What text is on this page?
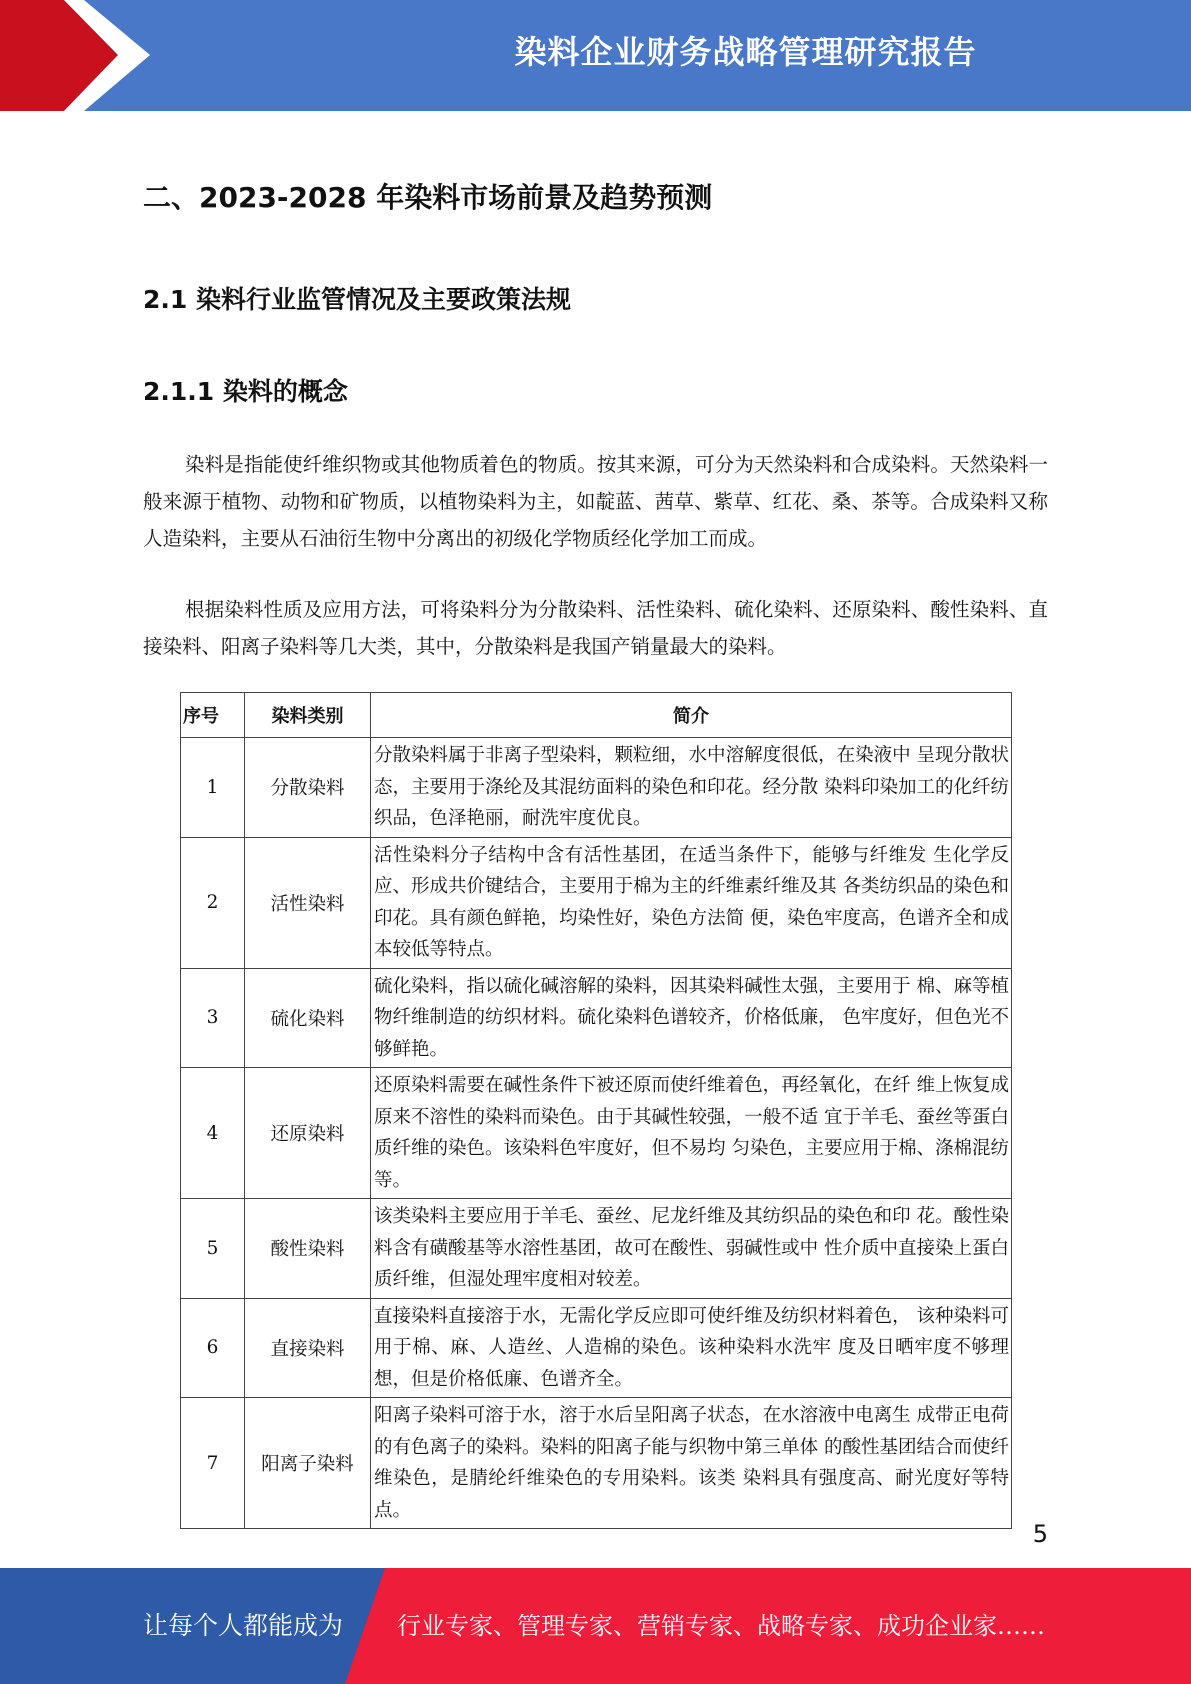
染料企业财务战略管理研究报告
二、2023-2028 年染料市场前景及趋势预测
2.1 染料行业监管情况及主要政策法规
2.1.1 染料的概念
染料是指能使纤维织物或其他物质着色的物质。按其来源，可分为天然染料和合成染料。天然染料一般来源于植物、动物和矿物质，以植物染料为主，如靛蓝、茜草、紫草、红花、桑、茶等。合成染料又称人造染料，主要从石油衍生物中分离出的初级化学物质经化学加工而成。
根据染料性质及应用方法，可将染料分为分散染料、活性染料、硫化染料、还原染料、酸性染料、直接染料、阳离子染料等几大类，其中，分散染料是我国产销量最大的染料。
序号	染料类别	简介
1	分散染料	分散染料属于非离子型染料，颗粒细，水中溶解度很低，在染液中 呈现分散状态，主要用于涤纶及其混纺面料的染色和印花。经分散 染料印染加工的化纤纺织品，色泽艳丽，耐洗牢度优良。
2	活性染料	活性染料分子结构中含有活性基团，在适当条件下，能够与纤维发 生化学反应、形成共价键结合，主要用于棉为主的纤维素纤维及其 各类纺织品的染色和印花。具有颜色鲜艳，均染性好，染色方法简 便，染色牢度高，色谱齐全和成本较低等特点。
3	硫化染料	硫化染料，指以硫化碱溶解的染料，因其染料碱性太强，主要用于 棉、麻等植物纤维制造的纺织材料。硫化染料色谱较齐，价格低廉， 色牢度好，但色光不够鲜艳。
4	还原染料	还原染料需要在碱性条件下被还原而使纤维着色，再经氧化，在纤 维上恢复成原来不溶性的染料而染色。由于其碱性较强，一般不适 宜于羊毛、蚕丝等蛋白质纤维的染色。该染料色牢度好，但不易均 匀染色，主要应用于棉、涤棉混纺等。
5	酸性染料	该类染料主要应用于羊毛、蚕丝、尼龙纤维及其纺织品的染色和印 花。酸性染料含有磺酸基等水溶性基团，故可在酸性、弱碱性或中 性介质中直接染上蛋白质纤维，但湿处理牢度相对较差。
6	直接染料	直接染料直接溶于水，无需化学反应即可使纤维及纺织材料着色， 该种染料可用于棉、麻、人造丝、人造棉的染色。该种染料水洗牢 度及日晒牢度不够理想，但是价格低廉、色谱齐全。
7	阳离子染料	阳离子染料可溶于水，溶于水后呈阳离子状态，在水溶液中电离生 成带正电荷的有色离子的染料。染料的阳离子能与织物中第三单体 的酸性基团结合而使纤维染色，是腈纶纤维染色的专用染料。该类 染料具有强度高、耐光度好等特点。
5
让每个人都能成为 行业专家、管理专家、营销专家、战略专家、成功企业家……
